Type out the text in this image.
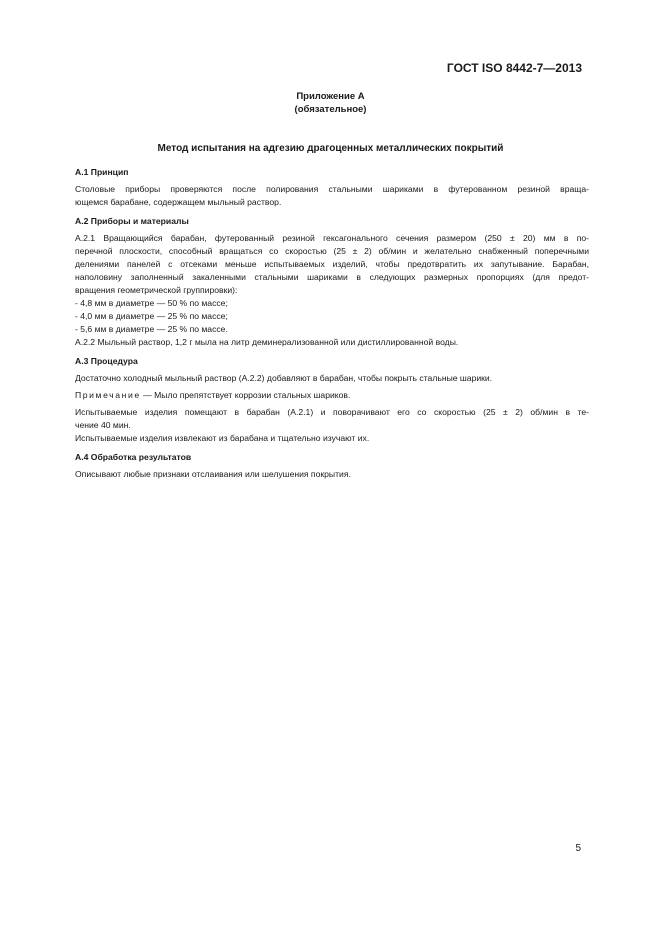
ГОСТ ISO 8442-7—2013
Приложение А
(обязательное)
Метод испытания на адгезию драгоценных металлических покрытий
А.1 Принцип
Столовые приборы проверяются после полирования стальными шариками в футерованном резиной враща-
ющемся барабане, содержащем мыльный раствор.
А.2 Приборы и материалы
А.2.1 Вращающийся барабан, футерованный резиной гексагонального сечения размером (250 ± 20) мм в по-
перечной плоскости, способный вращаться со скоростью (25 ± 2) об/мин и желательно снабженный поперечными
делениями панелей с отсеками меньше испытываемых изделий, чтобы предотвратить их запутывание. Барабан,
наполовину заполненный закаленными стальными шариками в следующих размерных пропорциях (для предот-
вращения геометрической группировки):
- 4,8 мм в диаметре — 50 % по массе;
- 4,0 мм в диаметре — 25 % по массе;
- 5,6 мм в диаметре — 25 % по массе.
А.2.2 Мыльный раствор, 1,2 г мыла на литр деминерализованной или дистиллированной воды.
А.3 Процедура
Достаточно холодный мыльный раствор (А.2.2) добавляют в барабан, чтобы покрыть стальные шарики.
Примечание — Мыло препятствует коррозии стальных шариков.
Испытываемые изделия помещают в барабан (А.2.1) и поворачивают его со скоростью (25 ± 2) об/мин в те-
чение 40 мин.
Испытываемые изделия извлекают из барабана и тщательно изучают их.
А.4 Обработка результатов
Описывают любые признаки отслаивания или шелушения покрытия.
5
